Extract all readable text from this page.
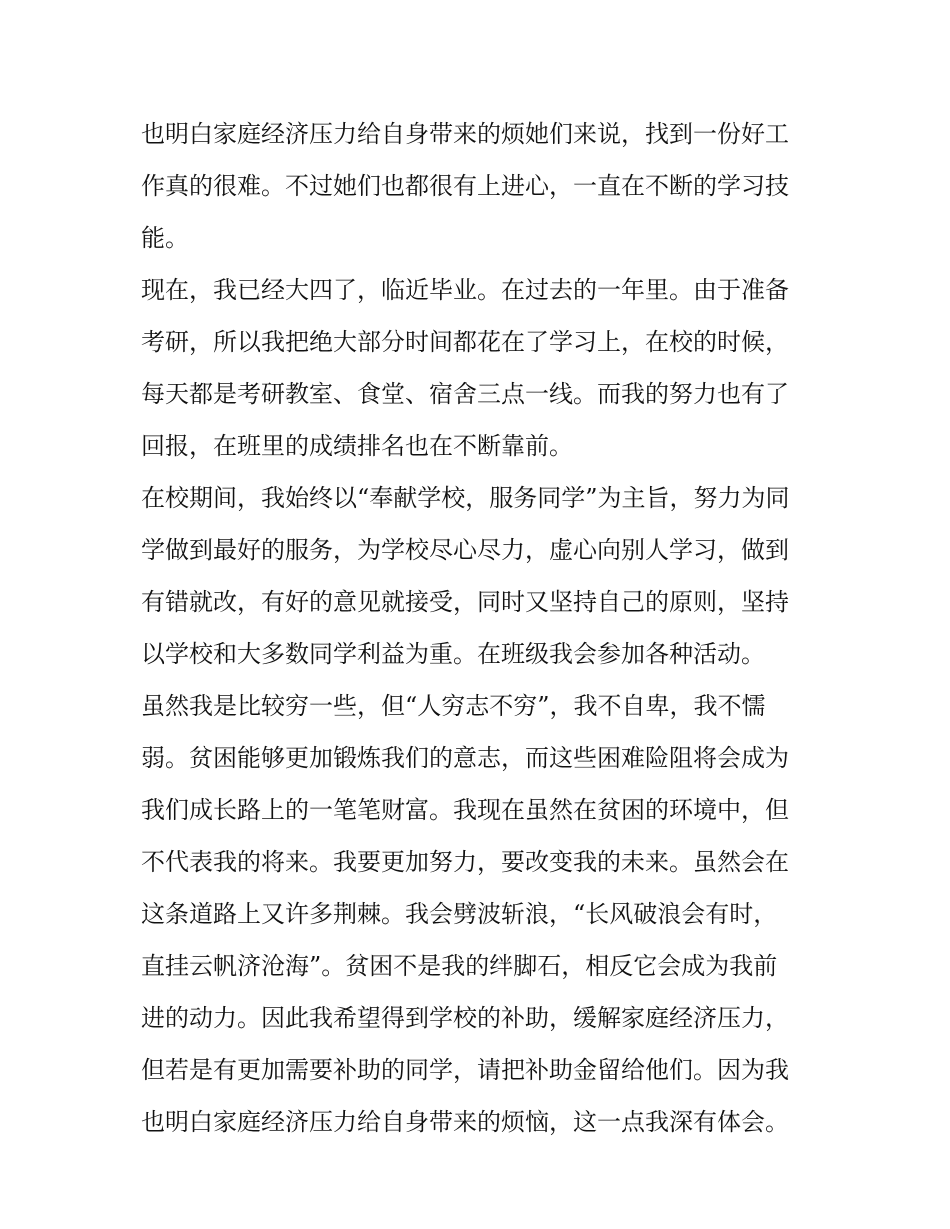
也明白家庭经济压力给自身带来的烦她们来说，找到一份好工
作真的很难。不过她们也都很有上进心，一直在不断的学习技
能。
现在，我已经大四了，临近毕业。在过去的一年里。由于准备
考研，所以我把绝大部分时间都花在了学习上，在校的时候，
每天都是考研教室、食堂、宿舍三点一线。而我的努力也有了
回报，在班里的成绩排名也在不断靠前。
在校期间，我始终以“奉献学校，服务同学”为主旨，努力为同
学做到最好的服务，为学校尽心尽力，虚心向别人学习，做到
有错就改，有好的意见就接受，同时又坚持自己的原则，坚持
以学校和大多数同学利益为重。在班级我会参加各种活动。
虽然我是比较穷一些，但“人穷志不穷”，我不自卑，我不懦
弱。贫困能够更加锻炼我们的意志，而这些困难险阻将会成为
我们成长路上的一笔笔财富。我现在虽然在贫困的环境中，但
不代表我的将来。我要更加努力，要改变我的未来。虽然会在
这条道路上又许多荆棘。我会劈波斩浪，“长风破浪会有时，
直挂云帆济沧海”。贫困不是我的绊脚石，相反它会成为我前
进的动力。因此我希望得到学校的补助，缓解家庭经济压力，
但若是有更加需要补助的同学，请把补助金留给他们。因为我
也明白家庭经济压力给自身带来的烦恼，这一点我深有体会。
